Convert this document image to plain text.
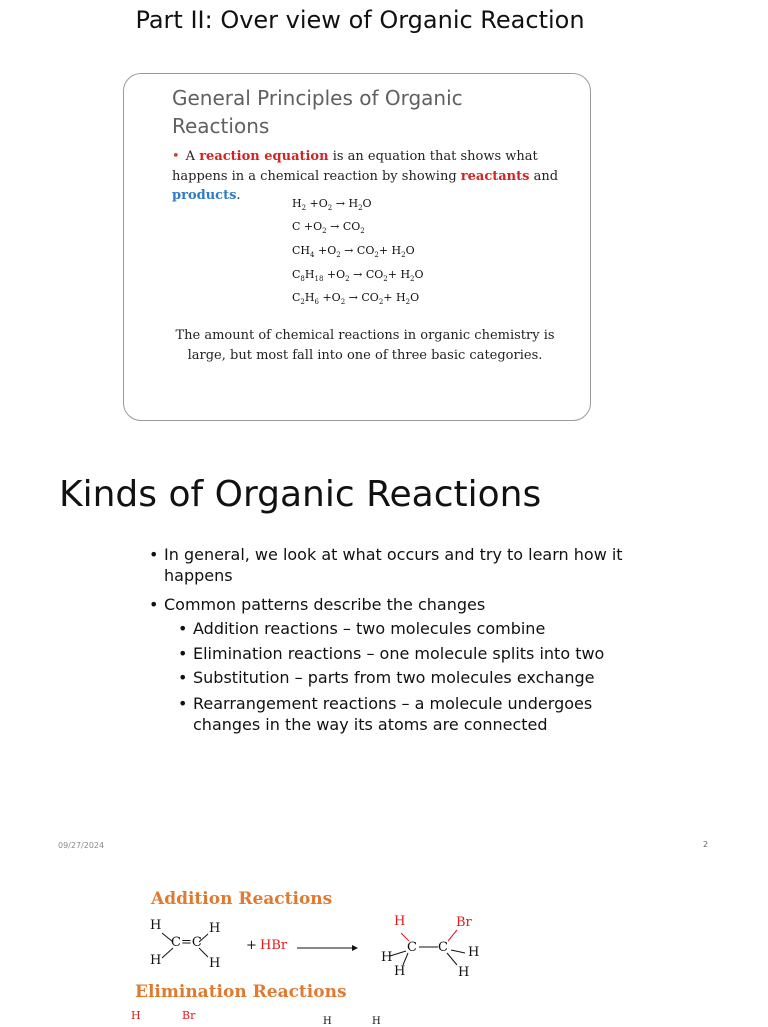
Part II: Over view of Organic Reaction
General Principles of Organic Reactions
• A reaction equation is an equation that shows what happens in a chemical reaction by showing reactants and products.
$H_2 +O_2 \to H_2O$
$C +O_2 \to CO_2$
$CH_4 +O_2 \to CO_2+ H_2O$
$C_8H_{18} +O_2 \to CO_2+ H_2O$
$C_2H_6 +O_2 \to CO_2+ H_2O$
The amount of chemical reactions in organic chemistry is large, but most fall into one of three basic categories.
Kinds of Organic Reactions
• In general, we look at what occurs and try to learn how it happens
• Common patterns describe the changes
• Addition reactions – two molecules combine
• Elimination reactions – one molecule splits into two
• Substitution – parts from two molecules exchange
• Rearrangement reactions – a molecule undergoes changes in the way its atoms are connected
09/27/2024	2
Addition Reactions
H
H
C=C
H
H
+ HBr
H	Br
H
C C H
H	H
Elimination Reactions
H	Br	H	H
